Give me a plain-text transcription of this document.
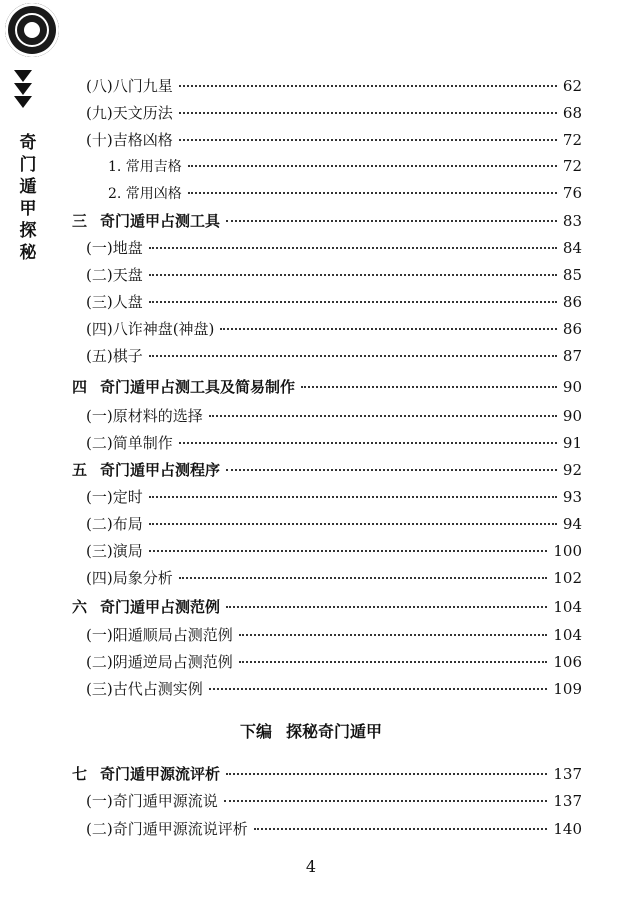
奇
门
遁
甲
探
秘
(八)八门九星	62
(九)天文历法	68
(十)吉格凶格	72
1. 常用吉格	72
2. 常用凶格	76
三 奇门遁甲占测工具	83
(一)地盘	84
(二)天盘	85
(三)人盘	86
(四)八诈神盘(神盘)	86
(五)棋子	87
四 奇门遁甲占测工具及简易制作	90
(一)原材料的选择	90
(二)简单制作	91
五 奇门遁甲占测程序	92
(一)定时	93
(二)布局	94
(三)演局	100
(四)局象分析	102
六 奇门遁甲占测范例	104
(一)阳遁顺局占测范例	104
(二)阴遁逆局占测范例	106
(三)古代占测实例	109
下编 探秘奇门遁甲
七 奇门遁甲源流评析	137
(一)奇门遁甲源流说	137
(二)奇门遁甲源流说评析	140
4
